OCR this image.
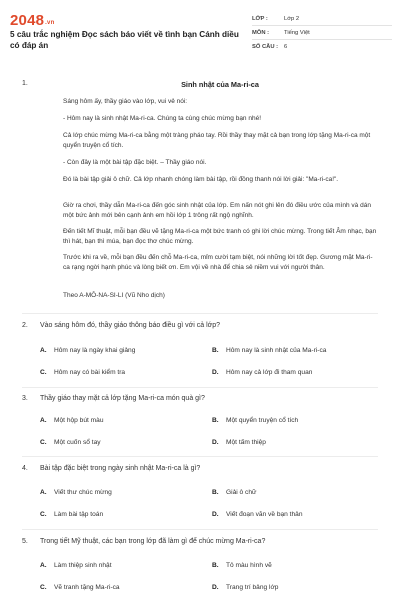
2048.vn
5 câu trắc nghiệm Đọc sách báo viết về tình bạn Cánh diều có đáp án
LỚP :	Lớp 2
MÔN :	Tiếng Việt
SỐ CÂU :	6
1.	Sinh nhật của Ma-ri-ca
Sáng hôm ấy, thầy giáo vào lớp, vui vẻ nói:
- Hôm nay là sinh nhật Ma-ri-ca. Chúng ta cùng chúc mừng bạn nhé!
Cả lớp chúc mừng Ma-ri-ca bằng một tràng pháo tay. Rồi thầy thay mặt cả bạn trong lớp tặng Ma-ri-ca một quyển truyện cổ tích.
- Còn đây là một bài tập đặc biệt. – Thầy giáo nói.
Đó là bài tập giải ô chữ. Cả lớp nhanh chóng làm bài tập, rồi đồng thanh nói lời giải: "Ma-ri-ca!".
Giờ ra chơi, thầy dẫn Ma-ri-ca đến góc sinh nhật của lớp. Em nấn nót ghi lên đó điều ước của mình và dán một bức ảnh mới bên cạnh ảnh em hồi lớp 1 trông rất ngộ nghĩnh.
Đến tiết Mĩ thuật, mỗi bạn đều vẽ tặng Ma-ri-ca một bức tranh có ghi lời chúc mừng. Trong tiết Âm nhạc, bạn thì hát, bạn thì múa, bạn đọc thơ chúc mừng.
Trước khi ra về, mỗi bạn đều đến chỗ Ma-ri-ca, mỉm cười tạm biệt, nói những lời tốt đẹp. Gương mặt Ma-ri-ca rạng ngời hạnh phúc và lòng biết ơn. Em vội về nhà để chia sẻ niềm vui với người thân.
Theo A-MÔ-NA-SI-LI (Vũ Nho dịch)
2. Vào sáng hôm đó, thầy giáo thông báo điều gì với cả lớp?
A. Hôm nay là ngày khai giảng	B. Hôm nay là sinh nhật của Ma-ri-ca
C. Hôm nay có bài kiểm tra	D. Hôm nay cả lớp đi tham quan
3. Thầy giáo thay mặt cả lớp tặng Ma-ri-ca món quà gì?
A. Một hộp bút màu	B. Một quyển truyện cổ tích
C. Một cuốn sổ tay	D. Một tấm thiệp
4. Bài tập đặc biệt trong ngày sinh nhật Ma-ri-ca là gì?
A. Viết thư chúc mừng	B. Giải ô chữ
C. Làm bài tập toán	D. Viết đoạn văn về bạn thân
5. Trong tiết Mỹ thuật, các bạn trong lớp đã làm gì để chúc mừng Ma-ri-ca?
A. Làm thiệp sinh nhật	B. Tô màu hình vẽ
C. Vẽ tranh tặng Ma-ri-ca	D. Trang trí bảng lớp
